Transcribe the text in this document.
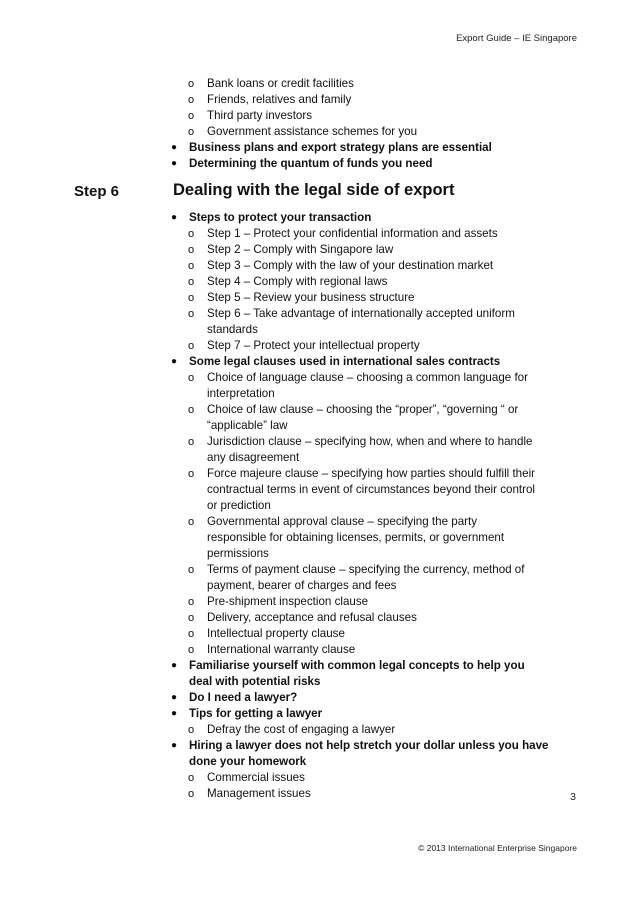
Export Guide – IE Singapore
o Bank loans or credit facilities
o Friends, relatives and family
o Third party investors
o Government assistance schemes for you
● Business plans and export strategy plans are essential
● Determining the quantum of funds you need
Step 6	Dealing with the legal side of export
● Steps to protect your transaction
o Step 1 – Protect your confidential information and assets
o Step 2 – Comply with Singapore law
o Step 3 – Comply with the law of your destination market
o Step 4 – Comply with regional laws
o Step 5 – Review your business structure
o Step 6 – Take advantage of internationally accepted uniform standards
o Step 7 – Protect your intellectual property
● Some legal clauses used in international sales contracts
o Choice of language clause – choosing a common language for interpretation
o Choice of law clause – choosing the “proper”, “governing “ or “applicable” law
o Jurisdiction clause – specifying how, when and where to handle any disagreement
o Force majeure clause – specifying how parties should fulfill their contractual terms in event of circumstances beyond their control or prediction
o Governmental approval clause – specifying the party responsible for obtaining licenses, permits, or government permissions
o Terms of payment clause – specifying the currency, method of payment, bearer of charges and fees
o Pre-shipment inspection clause
o Delivery, acceptance and refusal clauses
o Intellectual property clause
o International warranty clause
● Familiarise yourself with common legal concepts to help you deal with potential risks
● Do I need a lawyer?
● Tips for getting a lawyer
o Defray the cost of engaging a lawyer
● Hiring a lawyer does not help stretch your dollar unless you have done your homework
o Commercial issues
o Management issues	3
© 2013 International Enterprise Singapore
